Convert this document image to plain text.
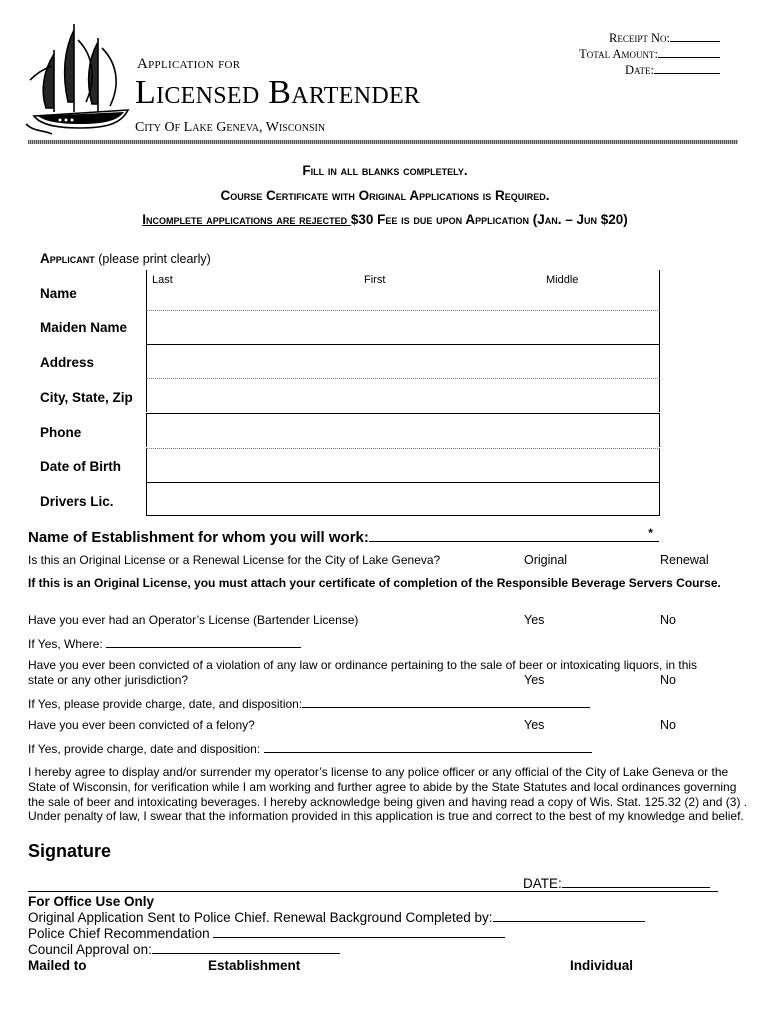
Application for
Licensed Bartender
City Of Lake Geneva, Wisconsin
Receipt No:
Total Amount:
Date:
Fill in all blanks completely.
Course Certificate with Original Applications is Required.
Incomplete applications are rejected $30 Fee is due upon Application (Jan. – Jun $20)
Applicant (please print clearly)
Last	First	Middle
Name
Maiden Name
Address
City, State, Zip
Phone
Date of Birth
Drivers Lic.
Name of Establishment for whom you will work:	*
Is this an Original License or a Renewal License for the City of Lake Geneva?	Original	Renewal
If this is an Original License, you must attach your certificate of completion of the Responsible Beverage Servers Course.
Have you ever had an Operator’s License (Bartender License)	Yes	No
If Yes, Where:
Have you ever been convicted of a violation of any law or ordinance pertaining to the sale of beer or intoxicating liquors, in this
state or any other jurisdiction?	Yes	No
If Yes, please provide charge, date, and disposition:
Have you ever been convicted of a felony?	Yes	No
If Yes, provide charge, date and disposition:
I hereby agree to display and/or surrender my operator’s license to any police officer or any official of the City of Lake Geneva or the State of Wisconsin, for verification while I am working and further agree to abide by the State Statutes and local ordinances governing the sale of beer and intoxicating beverages. I hereby acknowledge being given and having read a copy of Wis. Stat. 125.32 (2) and (3) . Under penalty of law, I swear that the information provided in this application is true and correct to the best of my knowledge and belief.
Signature
DATE:
For Office Use Only
Original Application Sent to Police Chief. Renewal Background Completed by:
Police Chief Recommendation
Council Approval on:
Mailed to	Establishment	Individual
